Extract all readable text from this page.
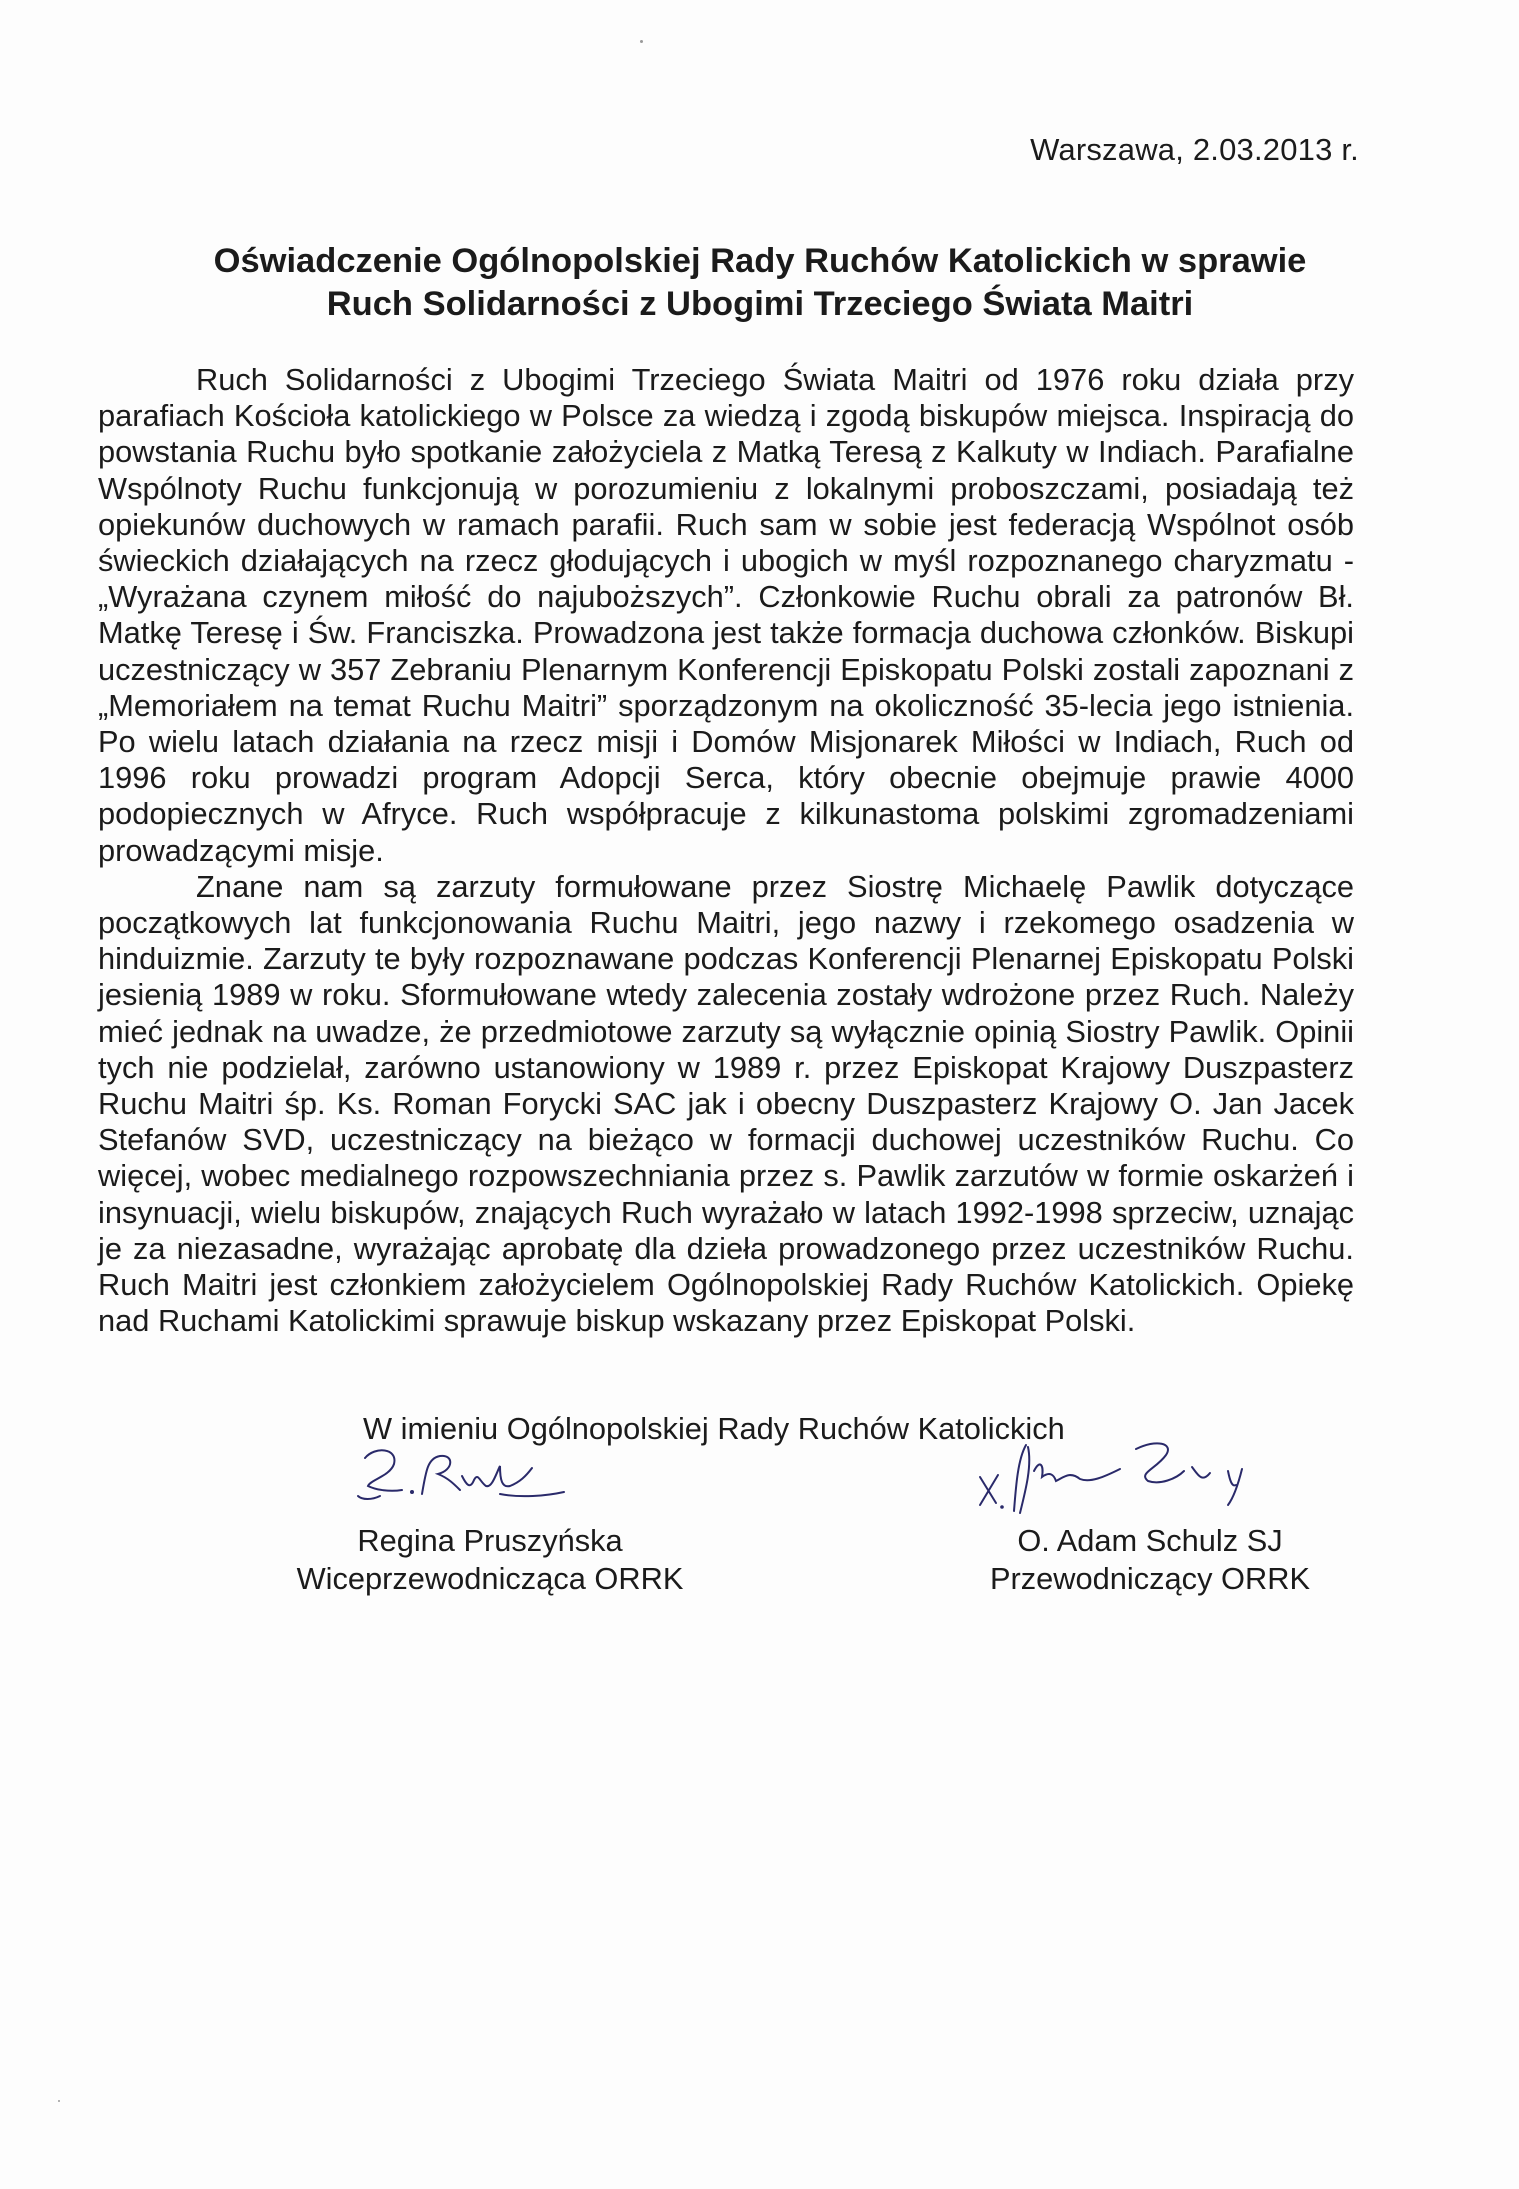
Warszawa, 2.03.2013 r.
Oświadczenie Ogólnopolskiej Rady Ruchów Katolickich w sprawie
Ruch Solidarności z Ubogimi Trzeciego Świata Maitri

Ruch Solidarności z Ubogimi Trzeciego Świata Maitri od 1976 roku działa przy parafiach Kościoła katolickiego w Polsce za wiedzą i zgodą biskupów miejsca. Inspiracją do powstania Ruchu było spotkanie założyciela z Matką Teresą z Kalkuty w Indiach. Parafialne Wspólnoty Ruchu funkcjonują w porozumieniu z lokalnymi proboszczami, posiadają też opiekunów duchowych w ramach parafii. Ruch sam w sobie jest federacją Wspólnot osób świeckich działających na rzecz głodujących i ubogich w myśl rozpoznanego charyzmatu - „Wyrażana czynem miłość do najuboższych”. Członkowie Ruchu obrali za patronów Bł. Matkę Teresę i Św. Franciszka. Prowadzona jest także formacja duchowa członków. Biskupi uczestniczący w 357 Zebraniu Plenarnym Konferencji Episkopatu Polski zostali zapoznani z „Memoriałem na temat Ruchu Maitri” sporządzonym na okoliczność 35-lecia jego istnienia. Po wielu latach działania na rzecz misji i Domów Misjonarek Miłości w Indiach, Ruch od 1996 roku prowadzi program Adopcji Serca, który obecnie obejmuje prawie 4000 podopiecznych w Afryce. Ruch współpracuje z kilkunastoma polskimi zgromadzeniami prowadzącymi misje.

Znane nam są zarzuty formułowane przez Siostrę Michaelę Pawlik dotyczące początkowych lat funkcjonowania Ruchu Maitri, jego nazwy i rzekomego osadzenia w hinduizmie. Zarzuty te były rozpoznawane podczas Konferencji Plenarnej Episkopatu Polski jesienią 1989 w roku. Sformułowane wtedy zalecenia zostały wdrożone przez Ruch. Należy mieć jednak na uwadze, że przedmiotowe zarzuty są wyłącznie opinią Siostry Pawlik. Opinii tych nie podzielał, zarówno ustanowiony w 1989 r. przez Episkopat Krajowy Duszpasterz Ruchu Maitri śp. Ks. Roman Forycki SAC jak i obecny Duszpasterz Krajowy O. Jan Jacek Stefanów SVD, uczestniczący na bieżąco w formacji duchowej uczestników Ruchu. Co więcej, wobec medialnego rozpowszechniania przez s. Pawlik zarzutów w formie oskarżeń i insynuacji, wielu biskupów, znających Ruch wyrażało w latach 1992-1998 sprzeciw, uznając je za niezasadne, wyrażając aprobatę dla dzieła prowadzonego przez uczestników Ruchu. Ruch Maitri jest członkiem założycielem Ogólnopolskiej Rady Ruchów Katolickich. Opiekę nad Ruchami Katolickimi sprawuje biskup wskazany przez Episkopat Polski.

W imieniu Ogólnopolskiej Rady Ruchów Katolickich
Regina Pruszyńska
Wiceprzewodnicząca ORRK
O. Adam Schulz SJ
Przewodniczący ORRK
